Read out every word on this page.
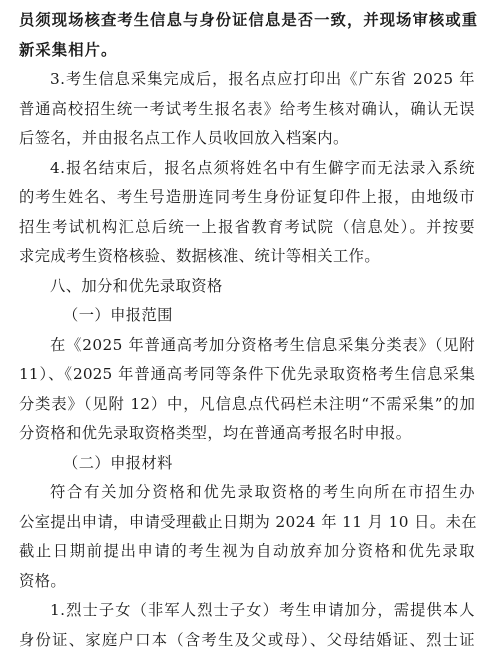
员须现场核查考生信息与身份证信息是否一致，并现场审核或重
新采集相片。
3.考生信息采集完成后，报名点应打印出《广东省 2025 年
普通高校招生统一考试考生报名表》给考生核对确认，确认无误
后签名，并由报名点工作人员收回放入档案内。
4.报名结束后，报名点须将姓名中有生僻字而无法录入系统
的考生姓名、考生号造册连同考生身份证复印件上报，由地级市
招生考试机构汇总后统一上报省教育考试院（信息处）。并按要
求完成考生资格核验、数据核准、统计等相关工作。
八、加分和优先录取资格
（一）申报范围
在《2025 年普通高考加分资格考生信息采集分类表》（见附
11）、《2025 年普通高考同等条件下优先录取资格考生信息采集
分类表》（见附 12）中，凡信息点代码栏未注明“不需采集”的加
分资格和优先录取资格类型，均在普通高考报名时申报。
（二）申报材料
符合有关加分资格和优先录取资格的考生向所在市招生办
公室提出申请，申请受理截止日期为 2024 年 11 月 10 日。未在
截止日期前提出申请的考生视为自动放弃加分资格和优先录取
资格。
1.烈士子女（非军人烈士子女）考生申请加分，需提供本人
身份证、家庭户口本（含考生及父或母）、父母结婚证、烈士证
